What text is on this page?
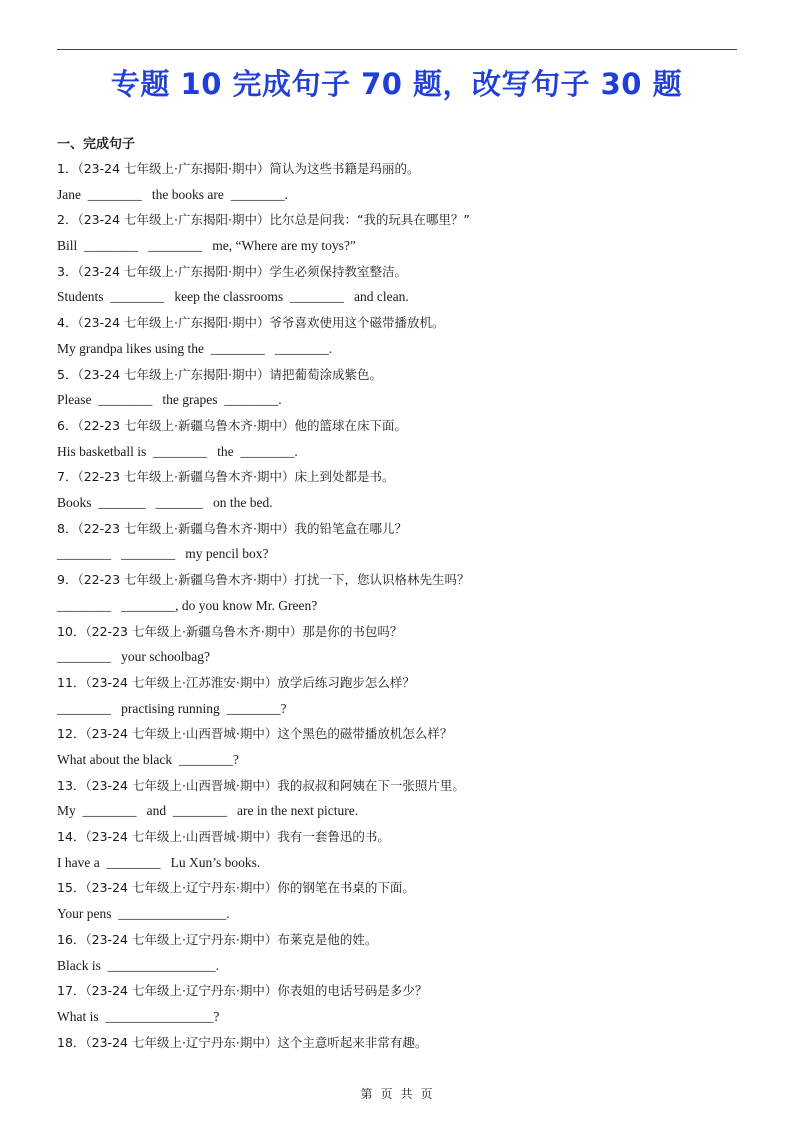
专题 10 完成句子 70 题，改写句子 30 题
一、完成句子
1．（23-24 七年级上·广东揭阳·期中）简认为这些书籍是玛丽的。
Jane  ________   the books are  ________.
2．（23-24 七年级上·广东揭阳·期中）比尔总是问我：“我的玩具在哪里？”
Bill  ________   ________   me, “Where are my toys?”
3．（23-24 七年级上·广东揭阳·期中）学生必须保持教室整洁。
Students  ________   keep the classrooms  ________   and clean.
4．（23-24 七年级上·广东揭阳·期中）爷爷喜欢使用这个磁带播放机。
My grandpa likes using the  ________   ________.
5．（23-24 七年级上·广东揭阳·期中）请把葡萄涂成紫色。
Please  ________   the grapes  ________.
6．（22-23 七年级上·新疆乌鲁木齐·期中）他的篮球在床下面。
His basketball is  ________   the  ________.
7．（22-23 七年级上·新疆乌鲁木齐·期中）床上到处都是书。
Books  _______   _______   on the bed.
8．（22-23 七年级上·新疆乌鲁木齐·期中）我的铅笔盒在哪儿？
________   ________   my pencil box?
9．（22-23 七年级上·新疆乌鲁木齐·期中）打扰一下，您认识格林先生吗？
________   ________, do you know Mr. Green?
10．（22-23 七年级上·新疆乌鲁木齐·期中）那是你的书包吗？
________   your schoolbag?
11．（23-24 七年级上·江苏淮安·期中）放学后练习跑步怎么样？
________   practising running  ________?
12．（23-24 七年级上·山西晋城·期中）这个黑色的磁带播放机怎么样？
What about the black  ________?
13．（23-24 七年级上·山西晋城·期中）我的叔叔和阿姨在下一张照片里。
My  ________   and  ________   are in the next picture.
14．（23-24 七年级上·山西晋城·期中）我有一套鲁迅的书。
I have a  ________   Lu Xun’s books.
15．（23-24 七年级上·辽宁丹东·期中）你的钢笔在书桌的下面。
Your pens  ________________.
16．（23-24 七年级上·辽宁丹东·期中）布莱克是他的姓。
Black is  ________________.
17．（23-24 七年级上·辽宁丹东·期中）你表姐的电话号码是多少？
What is  ________________?
18．（23-24 七年级上·辽宁丹东·期中）这个主意听起来非常有趣。
第 页 共 页
